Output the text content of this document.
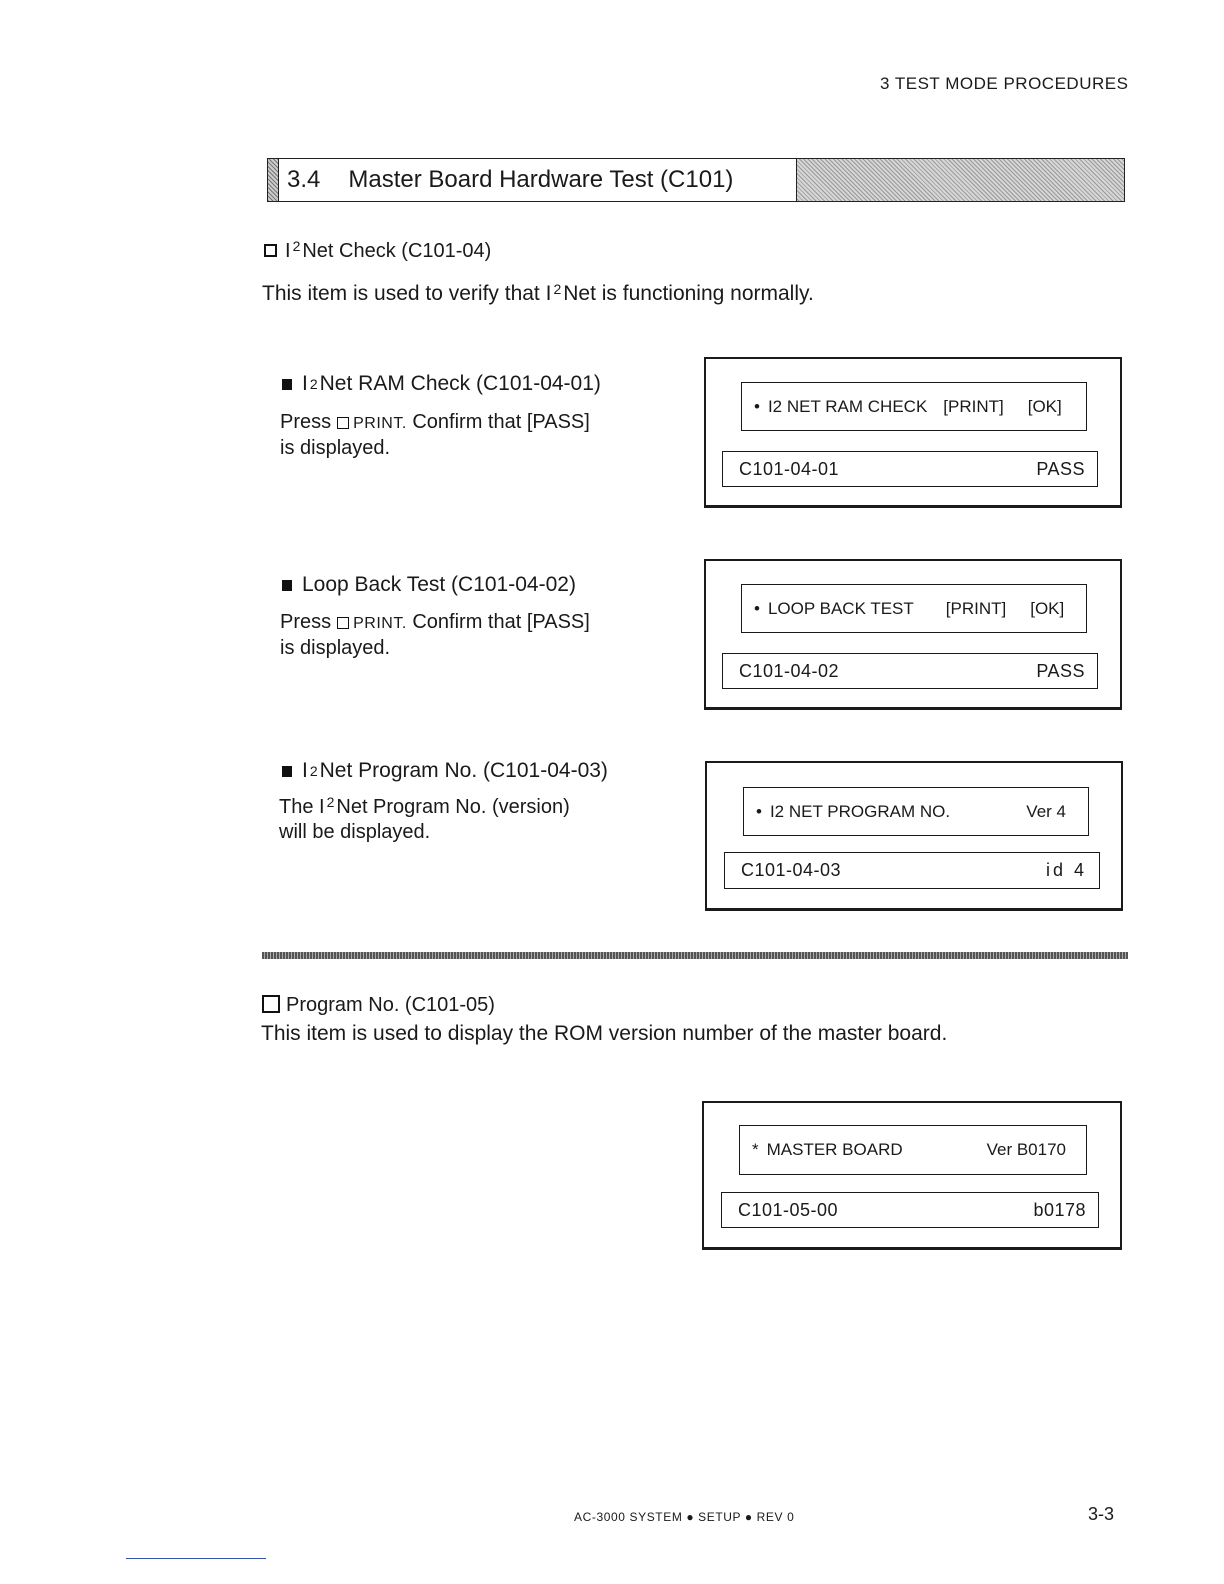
3 TEST MODE PROCEDURES
3.4 Master Board Hardware Test (C101)
I $^2$ Net Check (C101-04)
This item is used to verify that I $^2$Net is functioning normally.
I 2 Net RAM Check (C101-04-01)
Press PRINT. Confirm that [PASS]
is displayed.
• I2 NET RAM CHECK [PRINT] [OK]
C101-04-01	PASS
Loop Back Test (C101-04-02)
Press PRINT. Confirm that [PASS]
is displayed.
• LOOP BACK TEST [PRINT] [OK]
C101-04-02	PASS
I 2 Net Program No. (C101-04-03)
The I $^2$ Net Program No. (version)
will be displayed.
• I2 NET PROGRAM NO.	Ver 4
C101-04-03	id 4
Program No. (C101-05)
This item is used to display the ROM version number of the master board.
* MASTER BOARD	Ver B0170
C101-05-00	b0178
AC-3000 SYSTEM ● SETUP ● REV 0	3-3
